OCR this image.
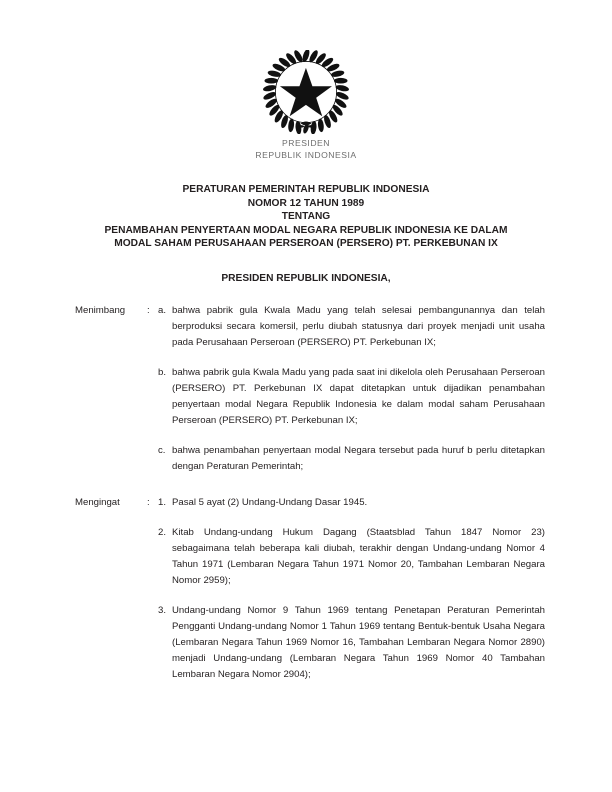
PRESIDEN
REPUBLIK INDONESIA
PERATURAN PEMERINTAH REPUBLIK INDONESIA
NOMOR 12 TAHUN 1989
TENTANG
PENAMBAHAN PENYERTAAN MODAL NEGARA REPUBLIK INDONESIA KE DALAM
MODAL SAHAM PERUSAHAAN PERSEROAN (PERSERO) PT. PERKEBUNAN IX
PRESIDEN REPUBLIK INDONESIA,
Menimbang	: a. bahwa pabrik gula Kwala Madu yang telah selesai pembangunannya dan telah berproduksi secara komersil, perlu diubah statusnya dari proyek menjadi unit usaha pada Perusahaan Perseroan (PERSERO) PT. Perkebunan IX;
b. bahwa pabrik gula Kwala Madu yang pada saat ini dikelola oleh Perusahaan Perseroan (PERSERO) PT. Perkebunan IX dapat ditetapkan untuk dijadikan penambahan penyertaan modal Negara Republik Indonesia ke dalam modal saham Perusahaan Perseroan (PERSERO) PT. Perkebunan IX;
c. bahwa penambahan penyertaan modal Negara tersebut pada huruf b perlu ditetapkan dengan Peraturan Pemerintah;
Mengingat	: 1. Pasal 5 ayat (2) Undang-Undang Dasar 1945.
2. Kitab Undang-undang Hukum Dagang (Staatsblad Tahun 1847 Nomor 23) sebagaimana telah beberapa kali diubah, terakhir dengan Undang-undang Nomor 4 Tahun 1971 (Lembaran Negara Tahun 1971 Nomor 20, Tambahan Lembaran Negara Nomor 2959);
3. Undang-undang Nomor 9 Tahun 1969 tentang Penetapan Peraturan Pemerintah Pengganti Undang-undang Nomor 1 Tahun 1969 tentang Bentuk-bentuk Usaha Negara (Lembaran Negara Tahun 1969 Nomor 16, Tambahan Lembaran Negara Nomor 2890) menjadi Undang-undang (Lembaran Negara Tahun 1969 Nomor 40 Tambahan Lembaran Negara Nomor 2904);
